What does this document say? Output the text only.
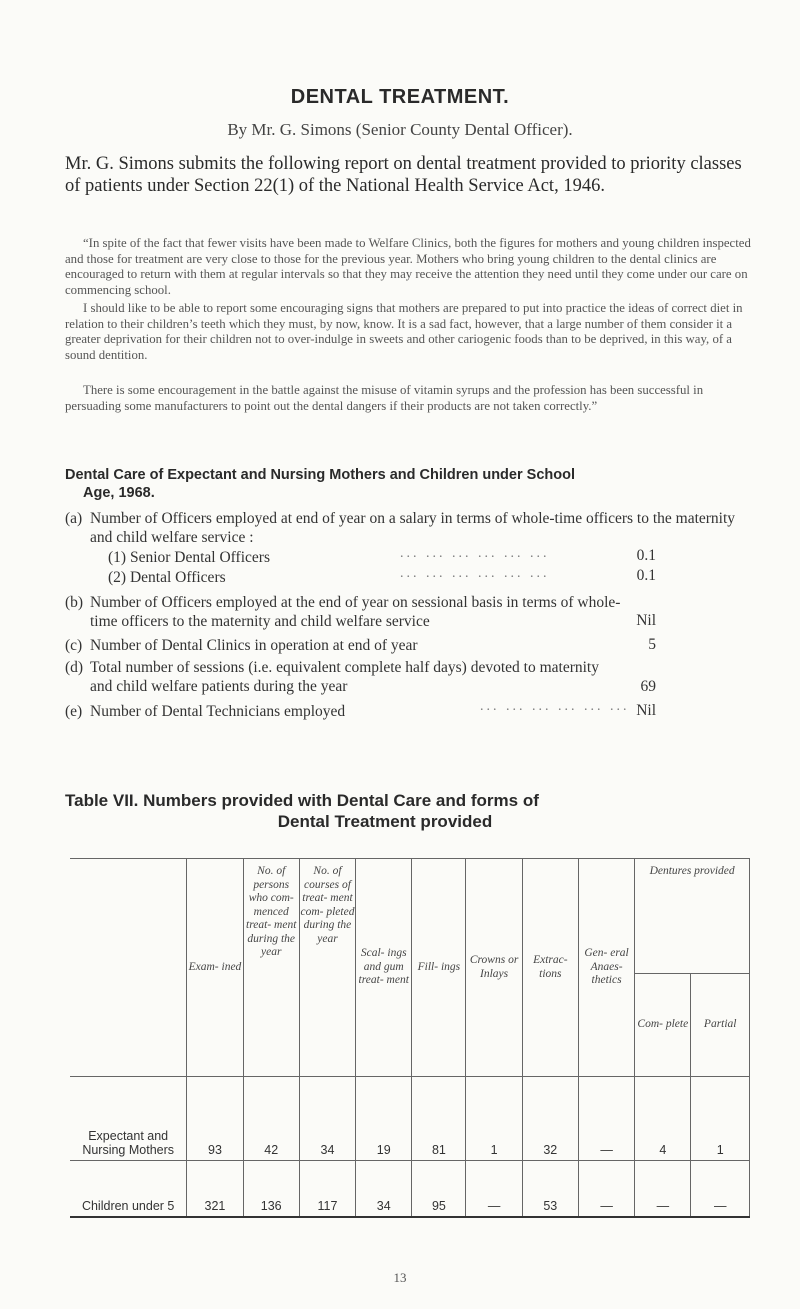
DENTAL TREATMENT.
By Mr. G. Simons (Senior County Dental Officer).
Mr. G. Simons submits the following report on dental treatment provided to priority classes of patients under Section 22(1) of the National Health Service Act, 1946.
“In spite of the fact that fewer visits have been made to Welfare Clinics, both the figures for mothers and young children inspected and those for treatment are very close to those for the previous year. Mothers who bring young children to the dental clinics are encouraged to return with them at regular intervals so that they may receive the attention they need until they come under our care on commencing school.
I should like to be able to report some encouraging signs that mothers are prepared to put into practice the ideas of correct diet in relation to their children’s teeth which they must, by now, know. It is a sad fact, however, that a large number of them consider it a greater deprivation for their children not to over-indulge in sweets and other cariogenic foods than to be deprived, in this way, of a sound dentition.
There is some encouragement in the battle against the misuse of vitamin syrups and the profession has been successful in persuading some manufacturers to point out the dental dangers if their products are not taken correctly.”
Dental Care of Expectant and Nursing Mothers and Children under School
Age, 1968.
(a) Number of Officers employed at end of year on a salary in terms of whole-time officers to the maternity and child welfare service :
(1) Senior Dental Officers	... ... ... ... ... ...	0.1
(2) Dental Officers	... ... ... ... ... ...	0.1
(b) Number of Officers employed at the end of year on sessional basis in terms of whole-time officers to the maternity and child welfare service	Nil
(c) Number of Dental Clinics in operation at end of year	5
(d) Total number of sessions (i.e. equivalent complete half days) devoted to maternity and child welfare patients during the year	69
(e) Number of Dental Technicians employed	... ... ... ... ... ... Nil
Table VII. Numbers provided with Dental Care and forms of
Dental Treatment provided
	Exam- ined	No. of persons who com- menced treat- ment during the year	No. of courses of treat- ment com- pleted during the year	Scal- ings and gum treat- ment	Fill- ings	Crowns or Inlays	Extrac- tions	Gen- eral Anaes- thetics	Dentures provided	
									Com- plete	Partial
Expectant and Nursing Mothers	93	42	34	19	81	1	32	—	4	1
Children under 5	321	136	117	34	95	—	53	—	—	—
13
